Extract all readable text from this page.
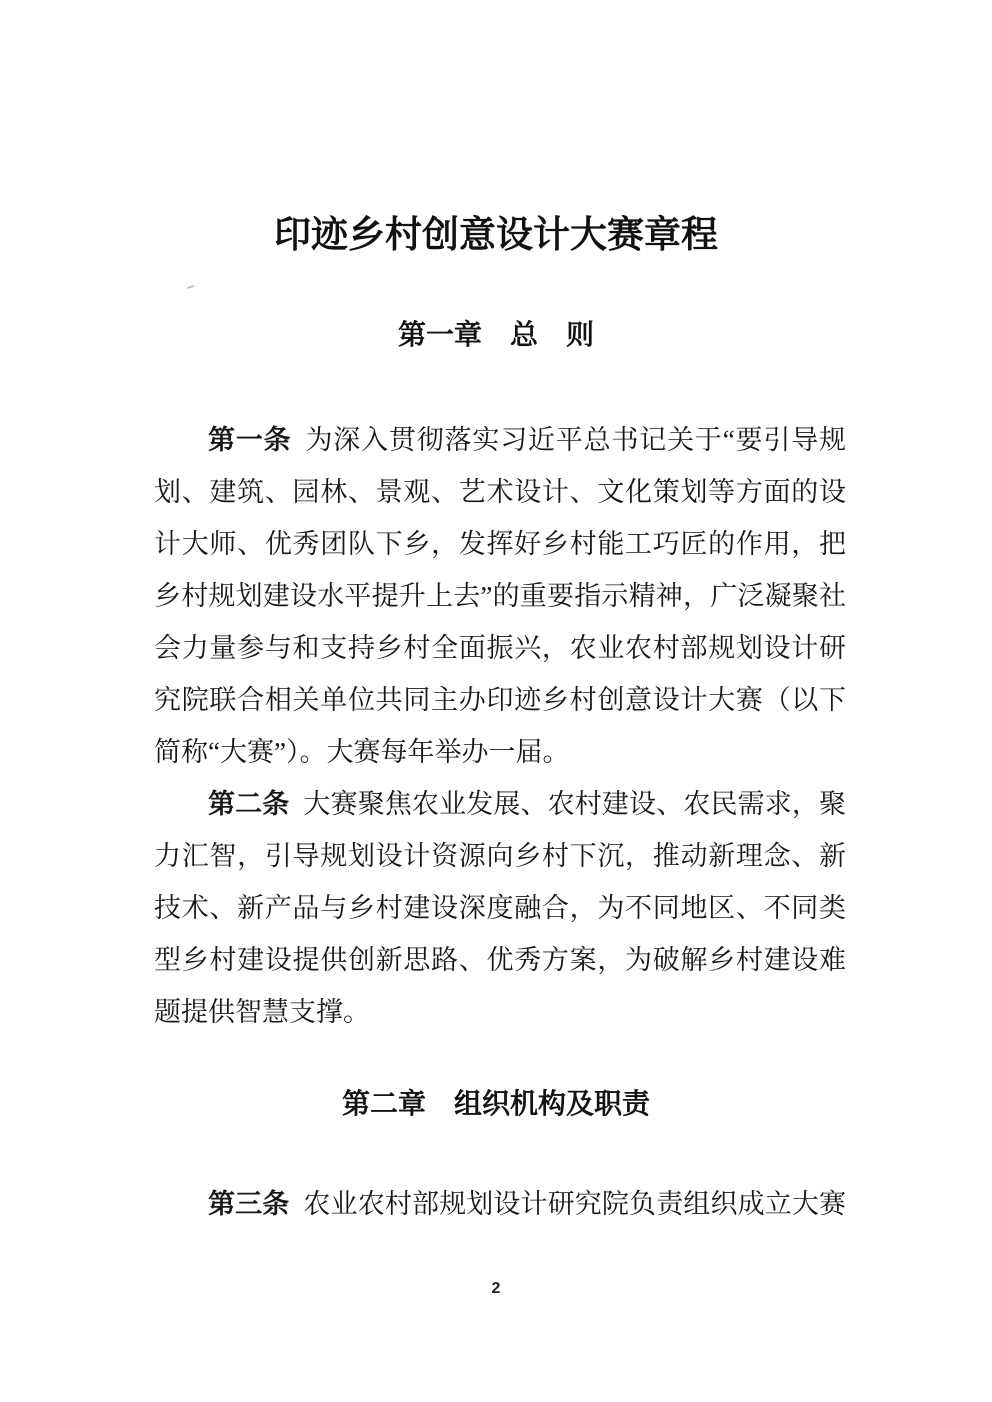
印迹乡村创意设计大赛章程
第一章　总　则

第一条 为深入贯彻落实习近平总书记关于“要引导规划、建筑、园林、景观、艺术设计、文化策划等方面的设计大师、优秀团队下乡，发挥好乡村能工巧匠的作用，把乡村规划建设水平提升上去”的重要指示精神，广泛凝聚社会力量参与和支持乡村全面振兴，农业农村部规划设计研究院联合相关单位共同主办印迹乡村创意设计大赛（以下简称“大赛”）。大赛每年举办一届。

第二条 大赛聚焦农业发展、农村建设、农民需求，聚力汇智，引导规划设计资源向乡村下沉，推动新理念、新技术、新产品与乡村建设深度融合，为不同地区、不同类型乡村建设提供创新思路、优秀方案，为破解乡村建设难题提供智慧支撑。

第二章　组织机构及职责

第三条 农业农村部规划设计研究院负责组织成立大赛

2
